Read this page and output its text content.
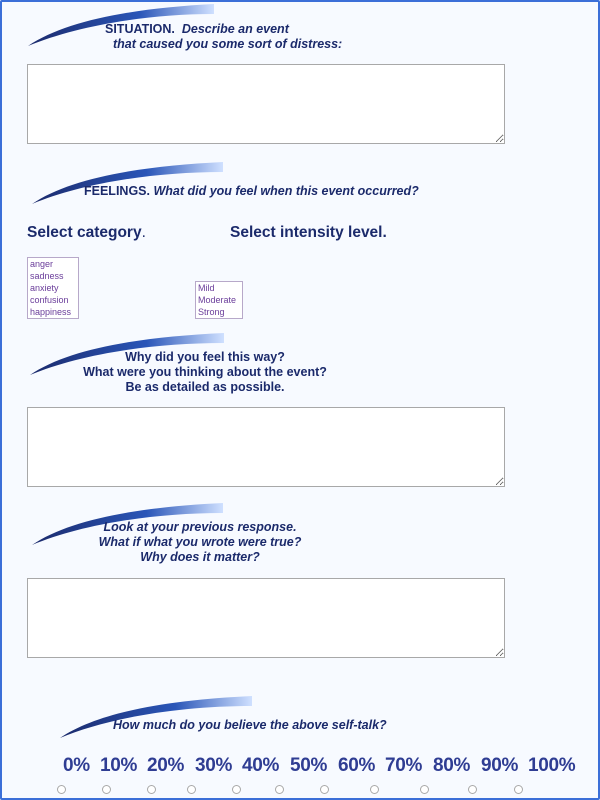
SITUATION. Describe an event
that caused you some sort of distress:
FEELINGS. What did you feel when this event occurred?
Select category.	Select intensity level.
anger
sadness
anxiety
confusion
happiness
Mild
Moderate
Strong
Why did you feel this way?
What were you thinking about the event?
Be as detailed as possible.
Look at your previous response.
What if what you wrote were true?
Why does it matter?
How much do you believe the above self-talk?
0% 10% 20% 30% 40% 50% 60% 70% 80% 90% 100%
